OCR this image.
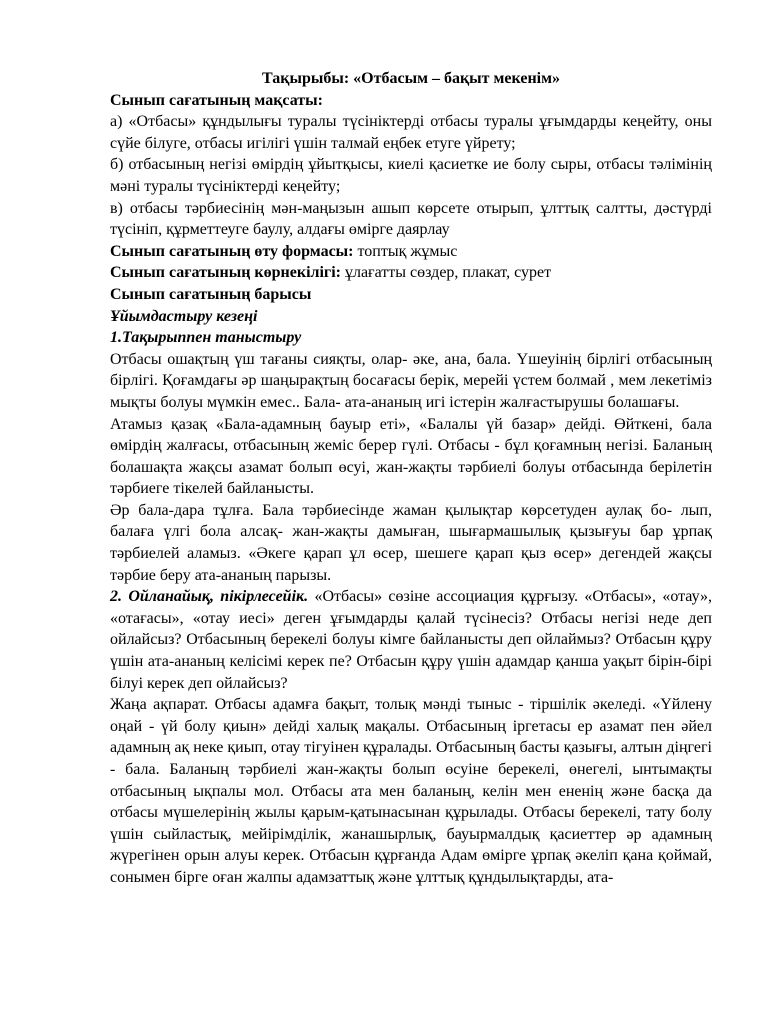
Тақырыбы: «Отбасым – бақыт мекенім»

Сынып сағатының мақсаты:

а) «Отбасы» құндылығы туралы түсініктерді отбасы туралы ұғымдарды кеңейту, оны сүйе білуге, отбасы игілігі үшін талмай еңбек етуге үйрету;

б) отбасының негізі өмірдің ұйытқысы, киелі қасиетке ие болу сыры, отбасы тәлімінің мәні туралы түсініктерді кеңейту;

в) отбасы тәрбиесінің мән-маңызын ашып көрсете отырып, ұлттық салтты, дәстүрді түсініп, құрметтеуге баулу, алдағы өмірге даярлау

Сынып сағатының өту формасы: топтық жұмыс

Сынып сағатының көрнекілігі: ұлағатты сөздер, плакат, сурет

Сынып сағатының барысы

Ұйымдастыру кезеңі

1.Тақырыппен таныстыру

Отбасы ошақтың үш тағаны сияқты, олар- әке, ана, бала. Үшеуінің бірлігі отбасының бірлігі. Қоғамдағы әр шаңырақтың босағасы берік, мерейі үстем болмай , мем лекетіміз мықты болуы мүмкін емес.. Бала- ата-ананың игі істерін жалғастырушы болашағы.

Атамыз қазақ «Бала-адамның бауыр еті», «Балалы үй базар» дейді. Өйткені, бала өмірдің жалғасы, отбасының жеміс берер гүлі. Отбасы - бұл қоғамның негізі. Баланың болашақта жақсы азамат болып өсуі, жан-жақты тәрбиелі болуы отбасында берілетін тәрбиеге тікелей байланысты.

Әр бала-дара тұлға. Бала тәрбиесінде жаман қылықтар көрсетуден аулақ бо- лып, балаға үлгі бола алсақ- жан-жақты дамыған, шығармашылық қызығуы бар ұрпақ тәрбиелей аламыз. «Әкеге қарап ұл өсер, шешеге қарап қыз өсер» дегендей жақсы тәрбие беру ата-ананың парызы.

2. Ойланайық, пікірлесейік. «Отбасы» сөзіне ассоциация құрғызу. «Отбасы», «отау», «отағасы», «отау иесі» деген ұғымдарды қалай түсінесіз? Отбасы негізі неде деп ойлайсыз? Отбасының берекелі болуы кімге байланысты деп ойлаймыз? Отбасын құру үшін ата-ананың келісімі керек пе? Отбасын құру үшін адамдар қанша уақыт бірін-бірі білуі керек деп ойлайсыз?

Жаңа ақпарат. Отбасы адамға бақыт, толық мәнді тыныс - тіршілік әкеледі. «Үйлену оңай - үй болу қиын» дейді халық мақалы. Отбасының іргетасы ер азамат пен әйел адамның ақ неке қиып, отау тігуінен құралады. Отбасының басты қазығы, алтын діңгегі - бала. Баланың тәрбиелі жан-жақты болып өсуіне берекелі, өнегелі, ынтымақты отбасының ықпалы мол. Отбасы ата мен баланың, келін мен ененің және басқа да отбасы мүшелерінің жылы қарым-қатынасынан құрылады. Отбасы берекелі, тату болу үшін сыйластық, мейірімділік, жанашырлық, бауырмалдық қасиеттер әр адамның жүрегінен орын алуы керек. Отбасын құрғанда Адам өмірге ұрпақ әкеліп қана қоймай, сонымен бірге оған жалпы адамзаттық және ұлттық құндылықтарды, ата-
